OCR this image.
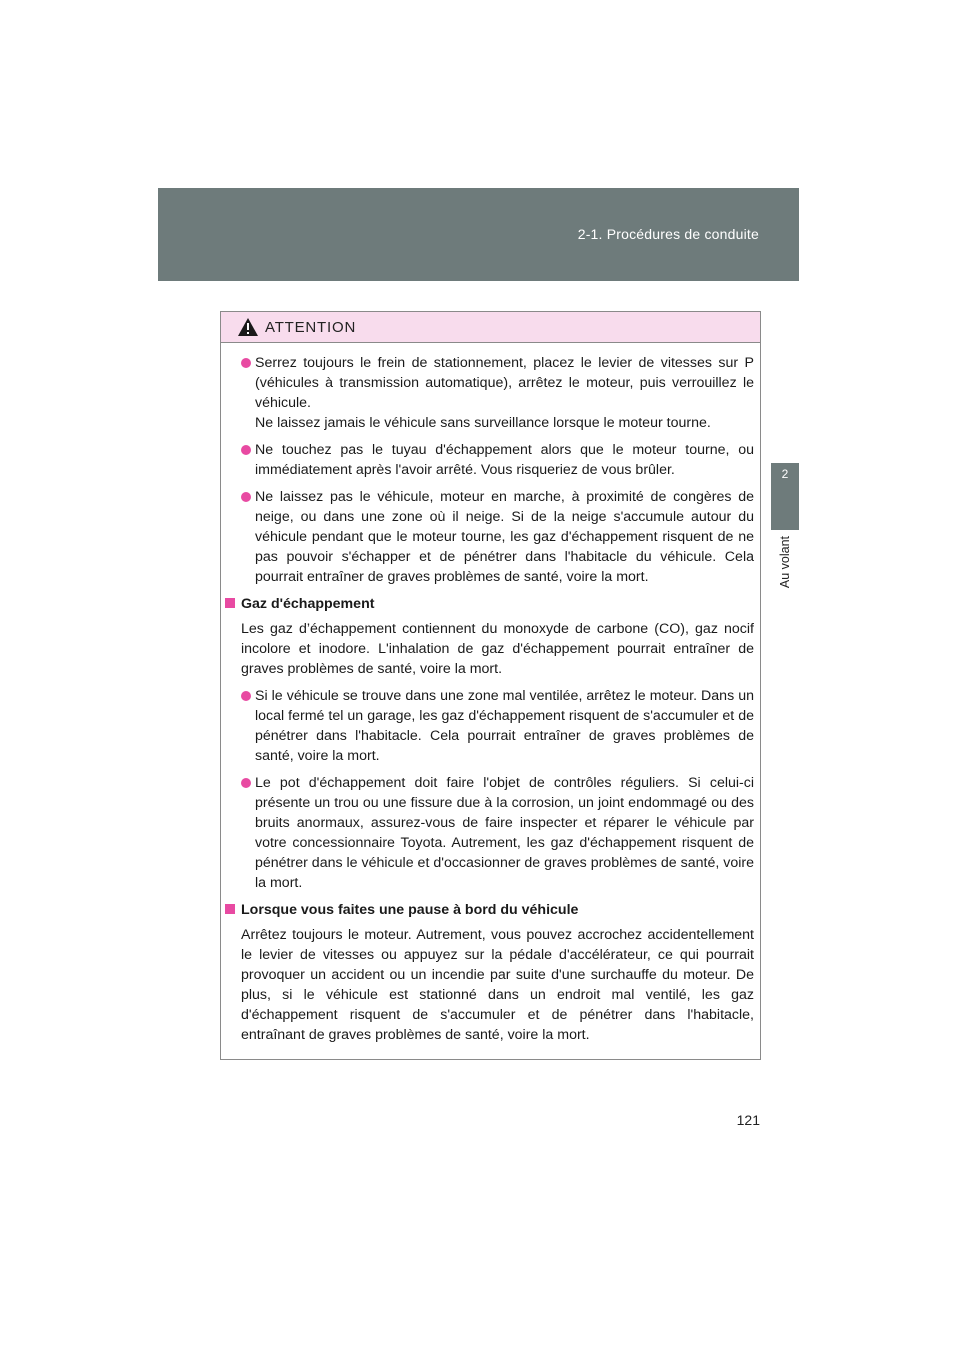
2-1. Procédures de conduite
2
Au volant
ATTENTION
Serrez toujours le frein de stationnement, placez le levier de vitesses sur P (véhicules à transmission automatique), arrêtez le moteur, puis verrouillez le véhicule.
Ne laissez jamais le véhicule sans surveillance lorsque le moteur tourne.
Ne touchez pas le tuyau d'échappement alors que le moteur tourne, ou immédiatement après l'avoir arrêté. Vous risqueriez de vous brûler.
Ne laissez pas le véhicule, moteur en marche, à proximité de congères de neige, ou dans une zone où il neige. Si de la neige s'accumule autour du véhicule pendant que le moteur tourne, les gaz d'échappement risquent de ne pas pouvoir s'échapper et de pénétrer dans l'habitacle du véhicule. Cela pourrait entraîner de graves problèmes de santé, voire la mort.
Gaz d'échappement
Les gaz d’échappement contiennent du monoxyde de carbone (CO), gaz nocif incolore et inodore. L'inhalation de gaz d'échappement pourrait entraîner de graves problèmes de santé, voire la mort.
Si le véhicule se trouve dans une zone mal ventilée, arrêtez le moteur. Dans un local fermé tel un garage, les gaz d'échappement risquent de s'accumuler et de pénétrer dans l'habitacle. Cela pourrait entraîner de graves problèmes de santé, voire la mort.
Le pot d'échappement doit faire l'objet de contrôles réguliers. Si celui-ci présente un trou ou une fissure due à la corrosion, un joint endommagé ou des bruits anormaux, assurez-vous de faire inspecter et réparer le véhicule par votre concessionnaire Toyota. Autrement, les gaz d'échappement risquent de pénétrer dans le véhicule et d'occasionner de graves problèmes de santé, voire la mort.
Lorsque vous faites une pause à bord du véhicule
Arrêtez toujours le moteur. Autrement, vous pouvez accrochez accidentellement le levier de vitesses ou appuyez sur la pédale d'accélérateur, ce qui pourrait provoquer un accident ou un incendie par suite d'une surchauffe du moteur. De plus, si le véhicule est stationné dans un endroit mal ventilé, les gaz d'échappement risquent de s'accumuler et de pénétrer dans l'habitacle, entraînant de graves problèmes de santé, voire la mort.
121
